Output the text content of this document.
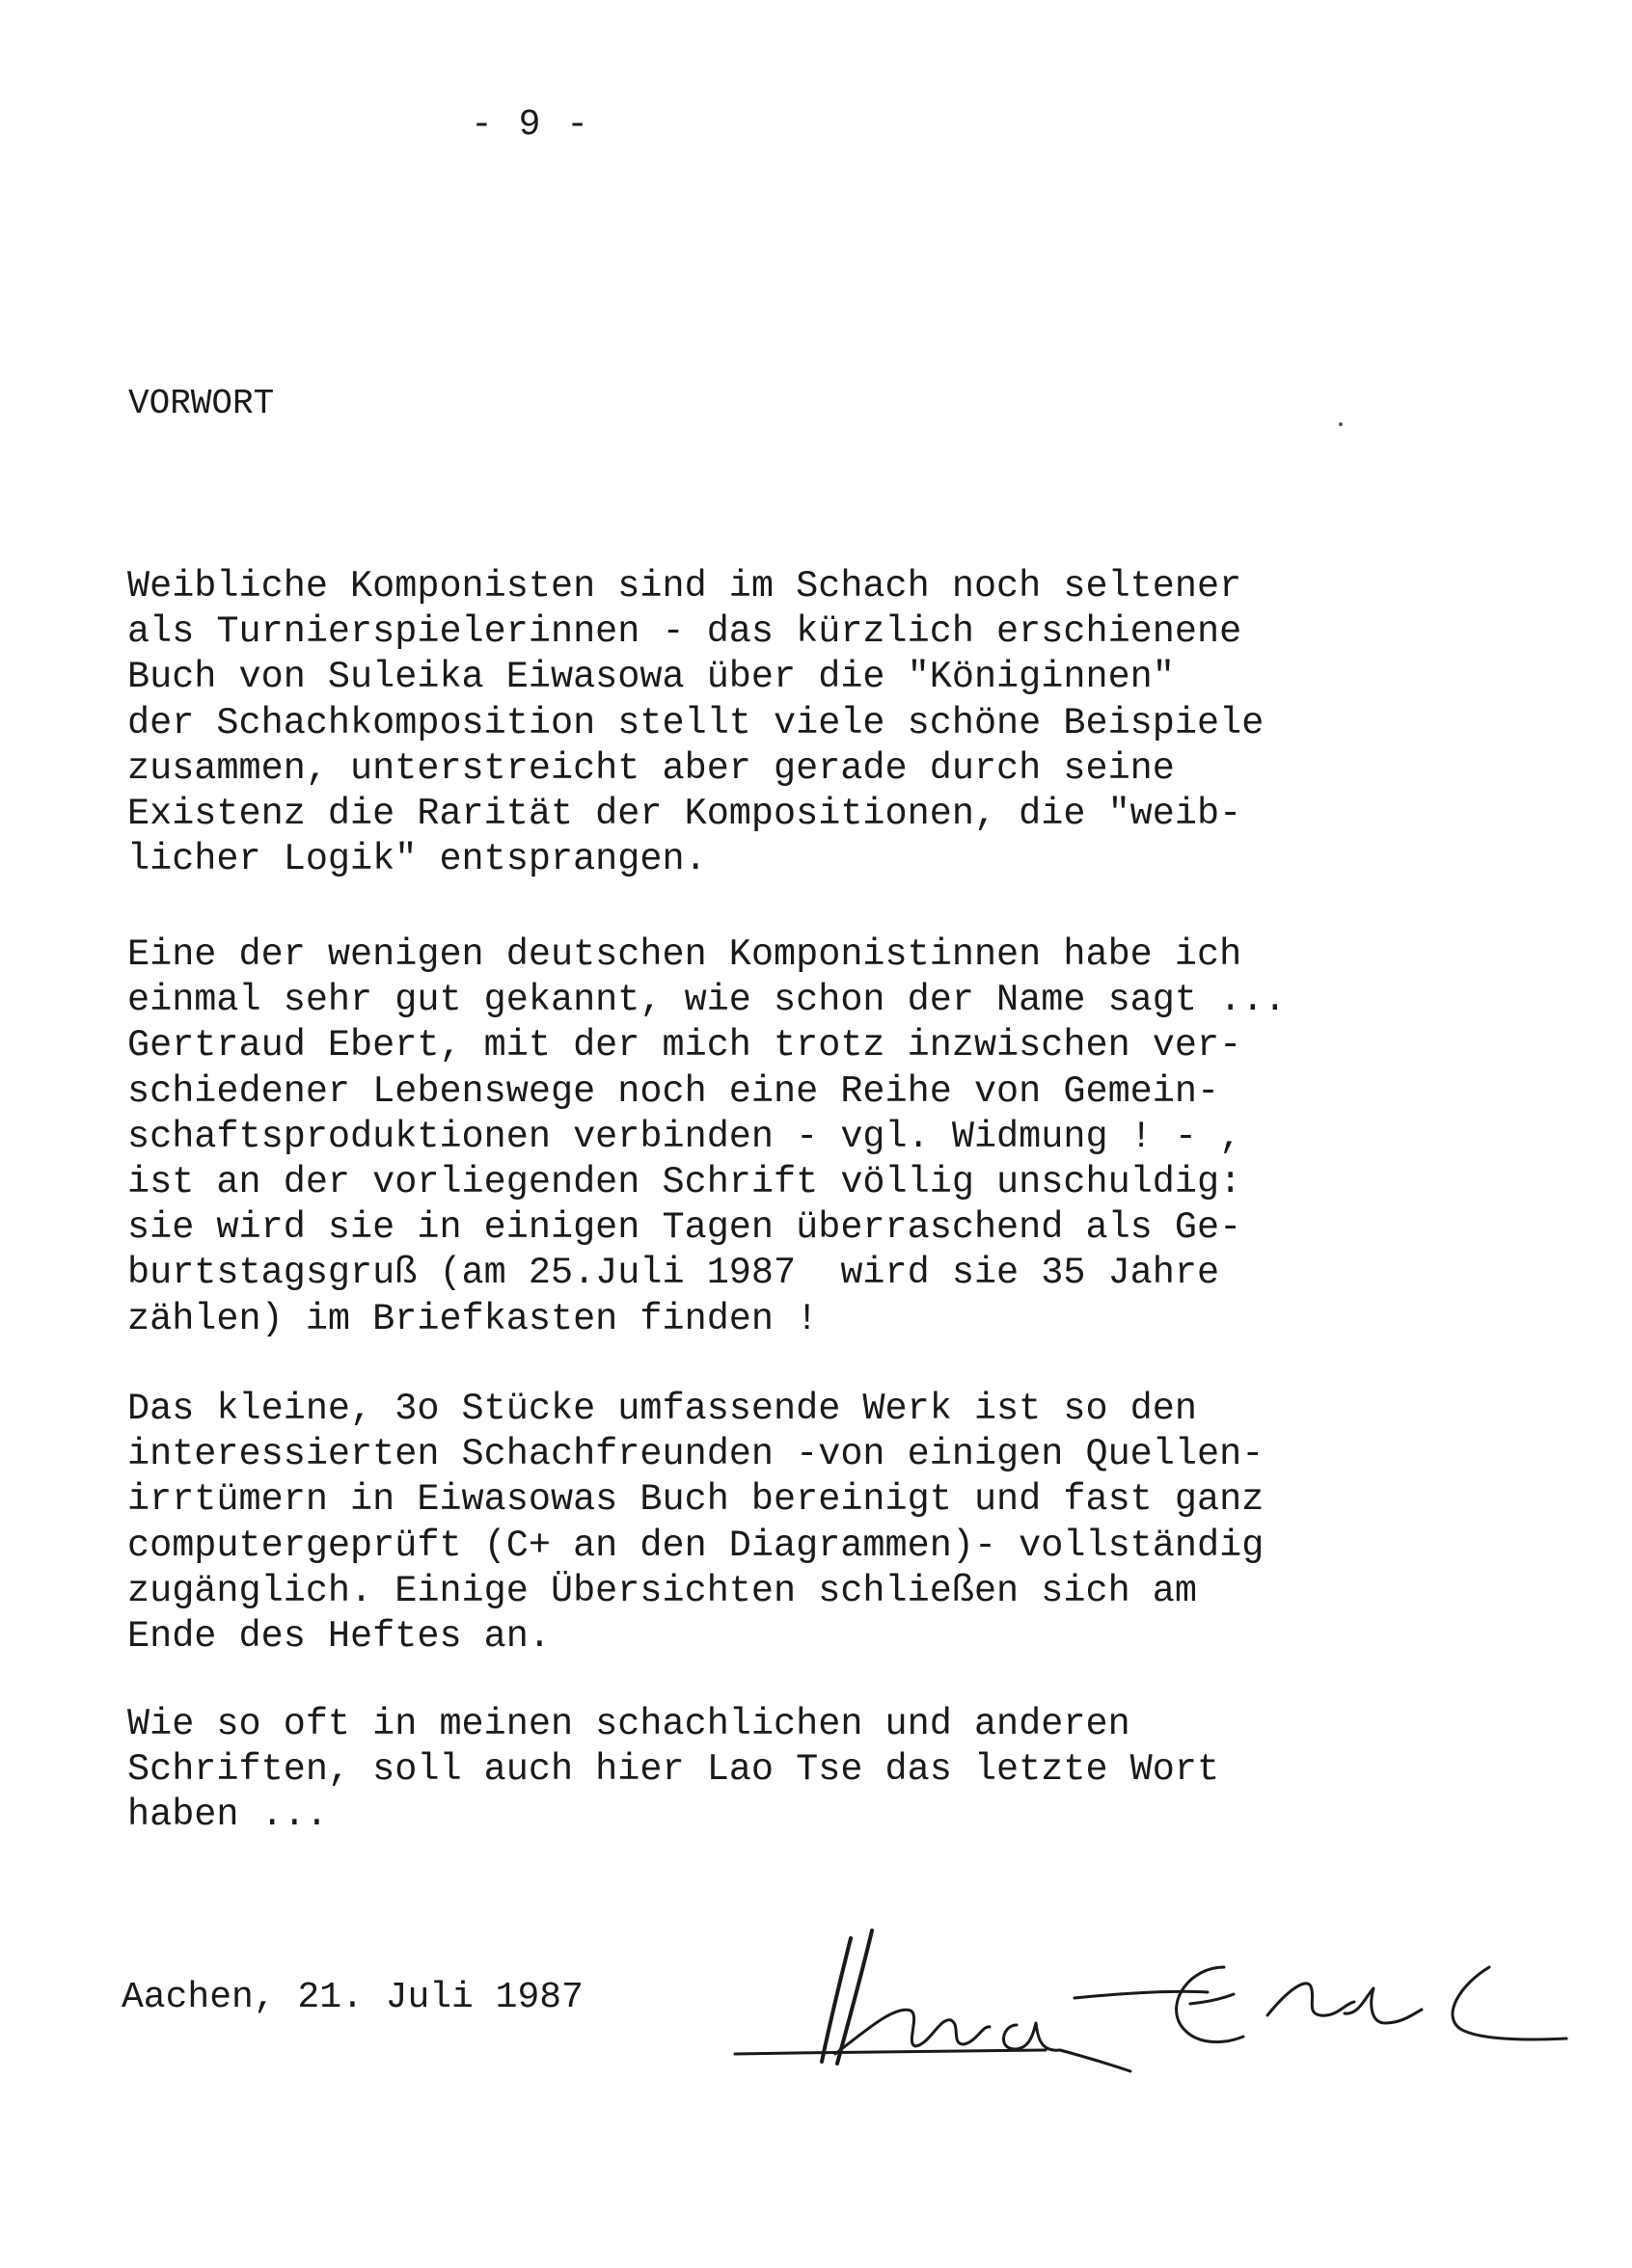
- 9 -
VORWORT

Weibliche Komponisten sind im Schach noch seltener
als Turnierspielerinnen - das kürzlich erschienene
Buch von Suleika Eiwasowa über die "Königinnen"
der Schachkomposition stellt viele schöne Beispiele
zusammen, unterstreicht aber gerade durch seine
Existenz die Rarität der Kompositionen, die "weib-
licher Logik" entsprangen.

Eine der wenigen deutschen Komponistinnen habe ich
einmal sehr gut gekannt, wie schon der Name sagt ...
Gertraud Ebert, mit der mich trotz inzwischen ver-
schiedener Lebenswege noch eine Reihe von Gemein-
schaftsproduktionen verbinden - vgl. Widmung ! - ,
ist an der vorliegenden Schrift völlig unschuldig:
sie wird sie in einigen Tagen überraschend als Ge-
burtstagsgruß (am 25.Juli 1987  wird sie 35 Jahre
zählen) im Briefkasten finden !

Das kleine, 3o Stücke umfassende Werk ist so den
interessierten Schachfreunden -von einigen Quellen-
irrtümern in Eiwasowas Buch bereinigt und fast ganz
computergeprüft (C+ an den Diagrammen)- vollständig
zugänglich. Einige Übersichten schließen sich am
Ende des Heftes an.

Wie so oft in meinen schachlichen und anderen
Schriften, soll auch hier Lao Tse das letzte Wort
haben ...

Aachen, 21. Juli 1987
